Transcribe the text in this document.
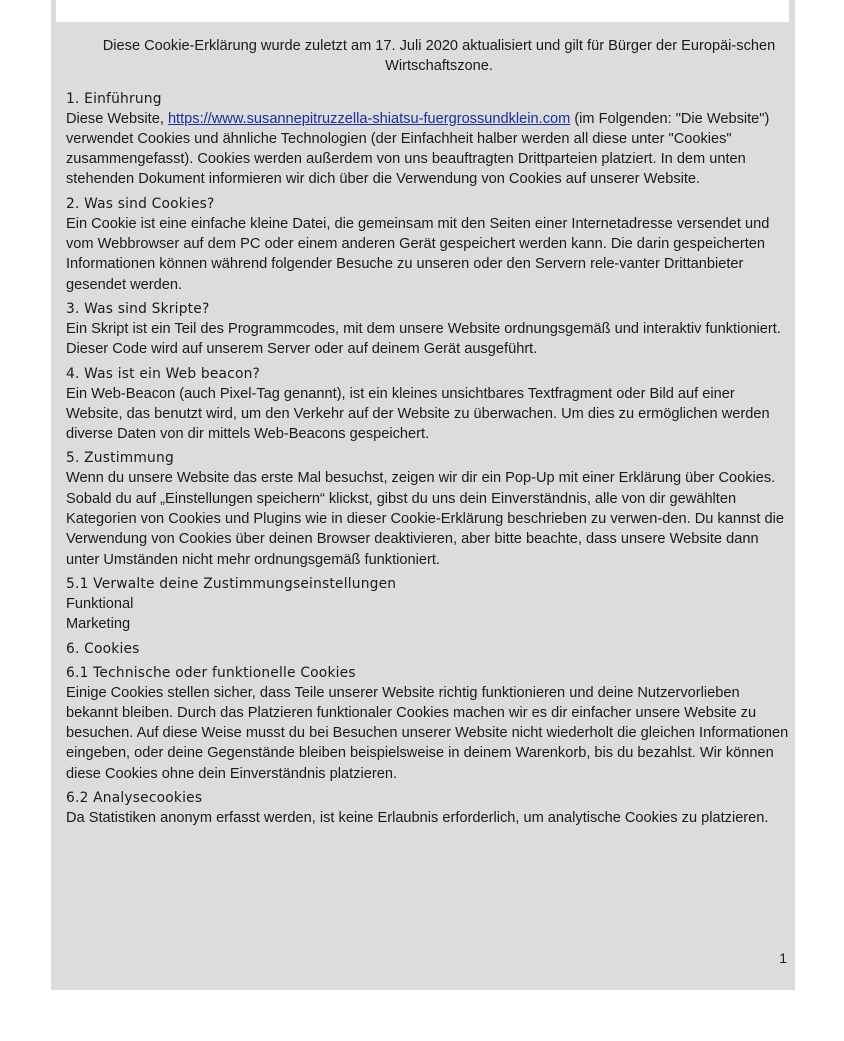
Diese Cookie-Erklärung wurde zuletzt am 17. Juli 2020 aktualisiert und gilt für Bürger der Europäi-schen Wirtschaftszone.

1. Einführung

Diese Website, https://www.susannepitruzzella-shiatsu-fuergrossundklein.com (im Folgenden: "Die Website") verwendet Cookies und ähnliche Technologien (der Einfachheit halber werden all diese unter "Cookies" zusammengefasst). Cookies werden außerdem von uns beauftragten Drittparteien platziert. In dem unten stehenden Dokument informieren wir dich über die Verwendung von Cookies auf unserer Website.

2. Was sind Cookies?

Ein Cookie ist eine einfache kleine Datei, die gemeinsam mit den Seiten einer Internetadresse versendet und vom Webbrowser auf dem PC oder einem anderen Gerät gespeichert werden kann. Die darin gespeicherten Informationen können während folgender Besuche zu unseren oder den Servern rele-vanter Drittanbieter gesendet werden.

3. Was sind Skripte?

Ein Skript ist ein Teil des Programmcodes, mit dem unsere Website ordnungsgemäß und interaktiv funktioniert. Dieser Code wird auf unserem Server oder auf deinem Gerät ausgeführt.

4. Was ist ein Web beacon?

Ein Web-Beacon (auch Pixel-Tag genannt), ist ein kleines unsichtbares Textfragment oder Bild auf einer Website, das benutzt wird, um den Verkehr auf der Website zu überwachen. Um dies zu ermöglichen werden diverse Daten von dir mittels Web-Beacons gespeichert.

5. Zustimmung

Wenn du unsere Website das erste Mal besuchst, zeigen wir dir ein Pop-Up mit einer Erklärung über Cookies. Sobald du auf „Einstellungen speichern“ klickst, gibst du uns dein Einverständnis, alle von dir gewählten Kategorien von Cookies und Plugins wie in dieser Cookie-Erklärung beschrieben zu verwen-den. Du kannst die Verwendung von Cookies über deinen Browser deaktivieren, aber bitte beachte, dass unsere Website dann unter Umständen nicht mehr ordnungsgemäß funktioniert.

5.1 Verwalte deine Zustimmungseinstellungen

Funktional

Marketing

6. Cookies
6.1 Technische oder funktionelle Cookies

Einige Cookies stellen sicher, dass Teile unserer Website richtig funktionieren und deine Nutzervorlieben bekannt bleiben. Durch das Platzieren funktionaler Cookies machen wir es dir einfacher unsere Website zu besuchen. Auf diese Weise musst du bei Besuchen unserer Website nicht wiederholt die gleichen Informationen eingeben, oder deine Gegenstände bleiben beispielsweise in deinem Warenkorb, bis du bezahlst. Wir können diese Cookies ohne dein Einverständnis platzieren.

6.2 Analysecookies

Da Statistiken anonym erfasst werden, ist keine Erlaubnis erforderlich, um analytische Cookies zu platzieren.

1
